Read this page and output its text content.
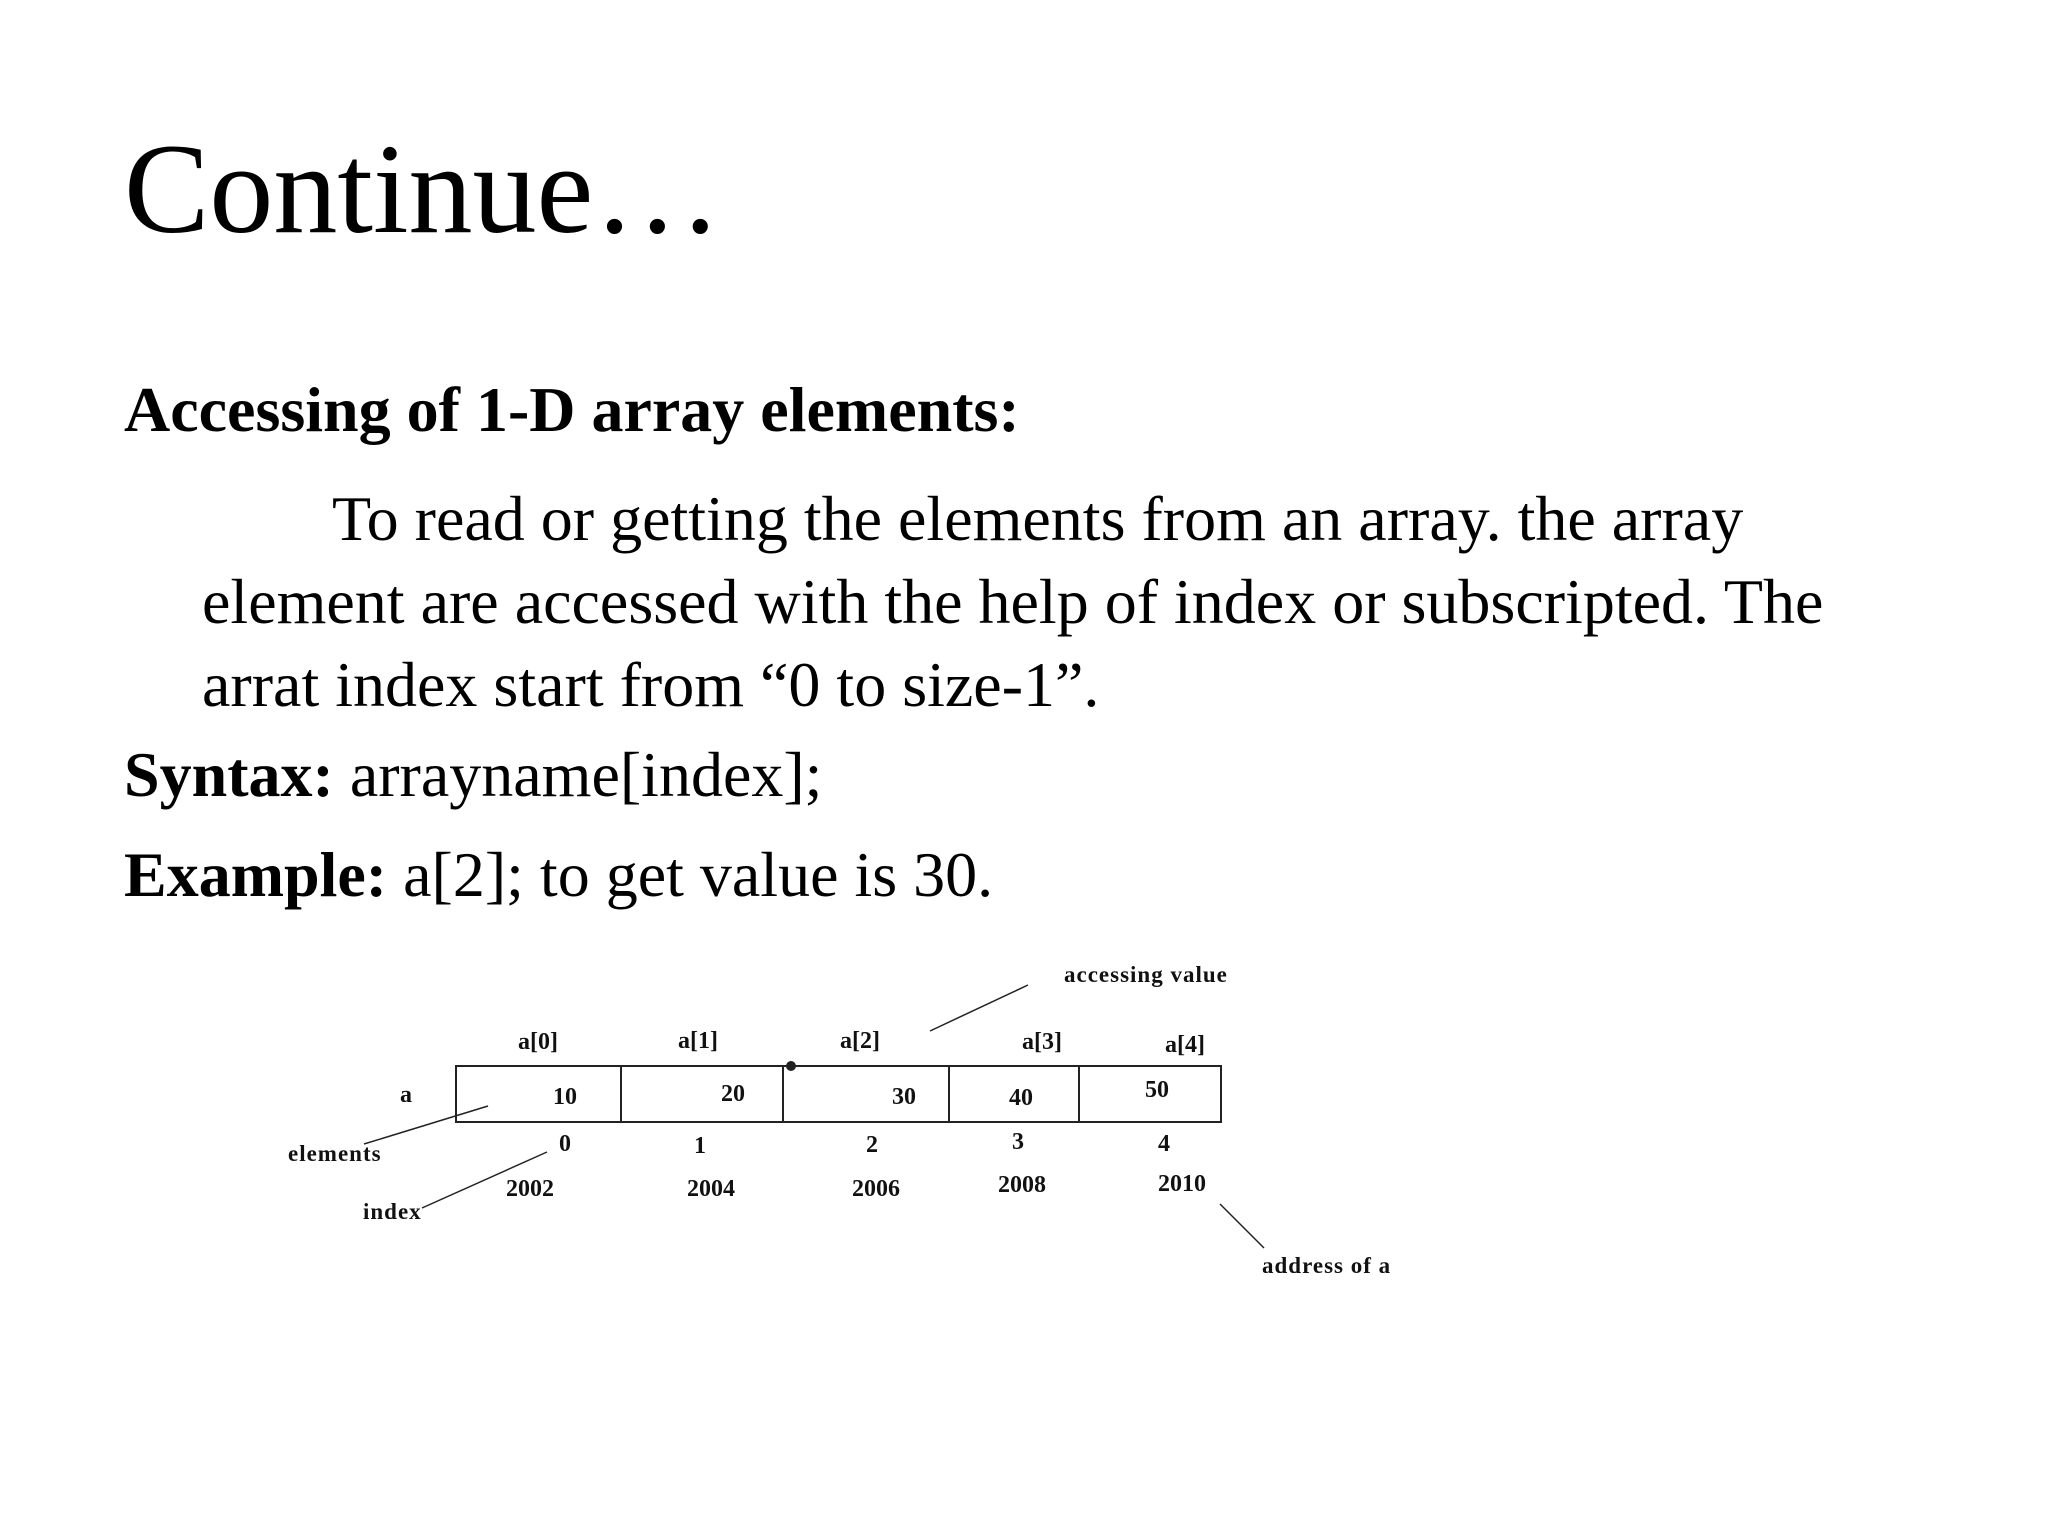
Continue…
Accessing of 1-D array elements:

To read or getting the elements from an array. the array element are accessed with the help of index or subscripted. The arrat index start from “0 to size-1”.

Syntax: arrayname[index];

Example: a[2]; to get value is 30.

accessing value
a[0]	a[1]	a[2]	a[3]	a[4]
a	10	20	30	40	50
elements	0	1	2	3	4
index
2002	2004	2006	2008	2010
address of a
